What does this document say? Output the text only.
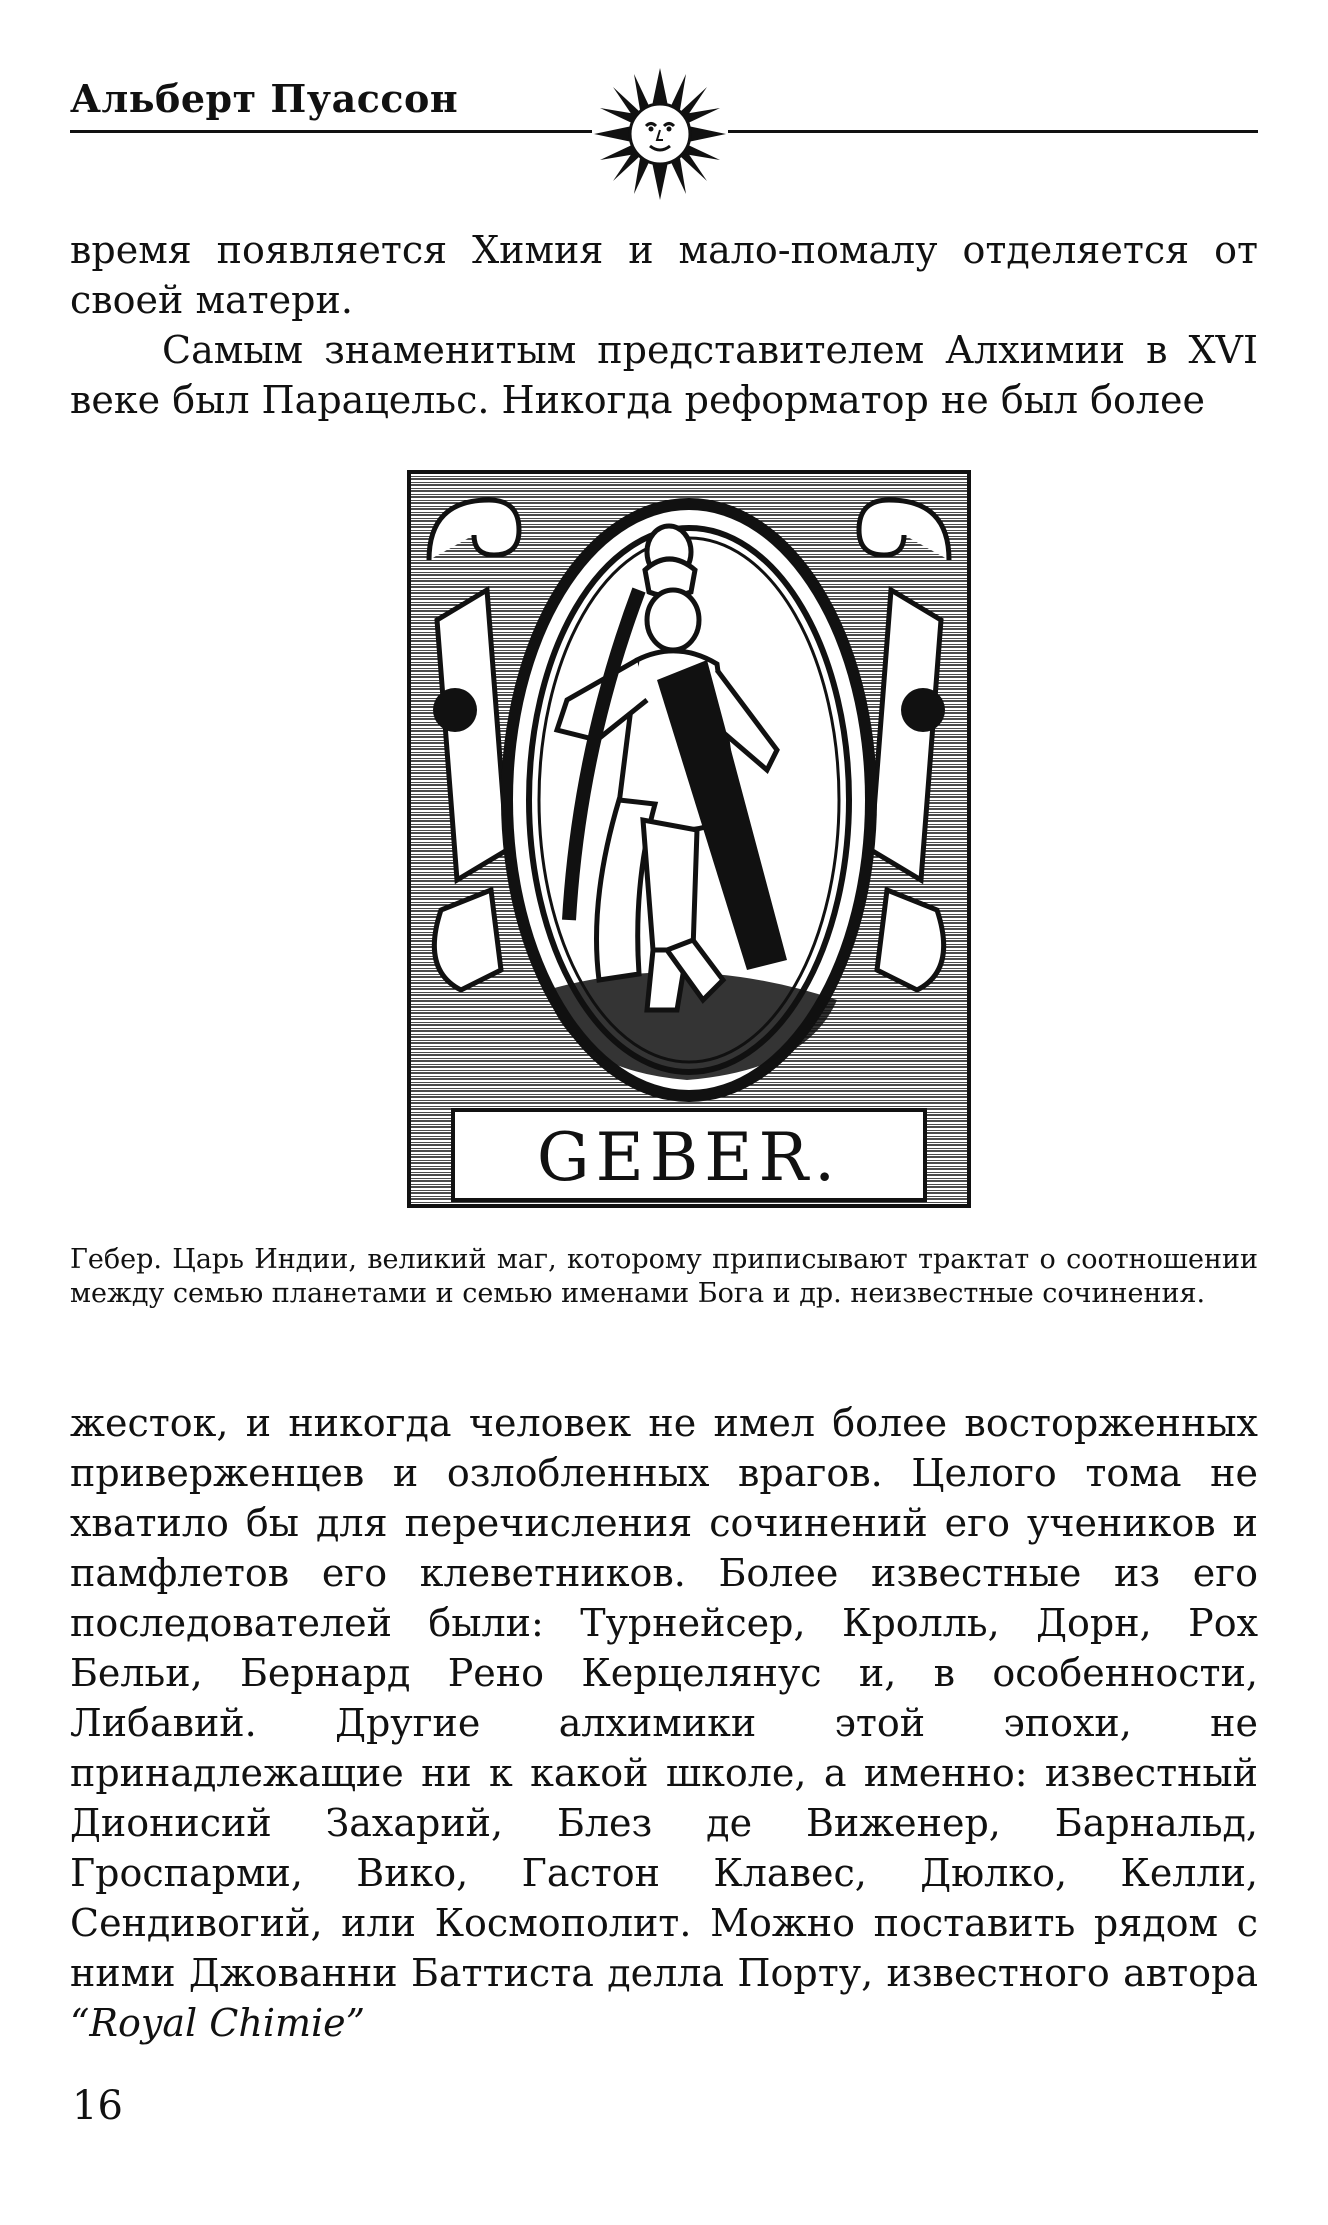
Альберт Пуассон

время появляется Химия и мало-помалу отделяется от своей матери.

Самым знаменитым представителем Алхимии в XVI веке был Парацельс. Никогда реформатор не был более

GEBER.
Гебер. Царь Индии, великий маг, которому приписывают трактат о соотношении между семью планетами и семью именами Бога и др. неизвестные сочинения.

жесток, и никогда человек не имел более восторженных приверженцев и озлобленных врагов. Целого тома не хватило бы для перечисления сочинений его учеников и памфлетов его клеветников. Более известные из его последователей были: Турнейсер, Кролль, Дорн, Рох Бельи, Бернард Рено Керцелянус и, в особенности, Либавий. Другие алхимики этой эпохи, не принадлежащие ни к какой школе, а именно: известный Дионисий Захарий, Блез де Виженер, Барнальд, Гроспарми, Вико, Гастон Клавес, Дюлко, Келли, Сендивогий, или Космополит. Можно поставить рядом с ними Джованни Баттиста делла Порту, известного автора “Royal Chimie”

16
